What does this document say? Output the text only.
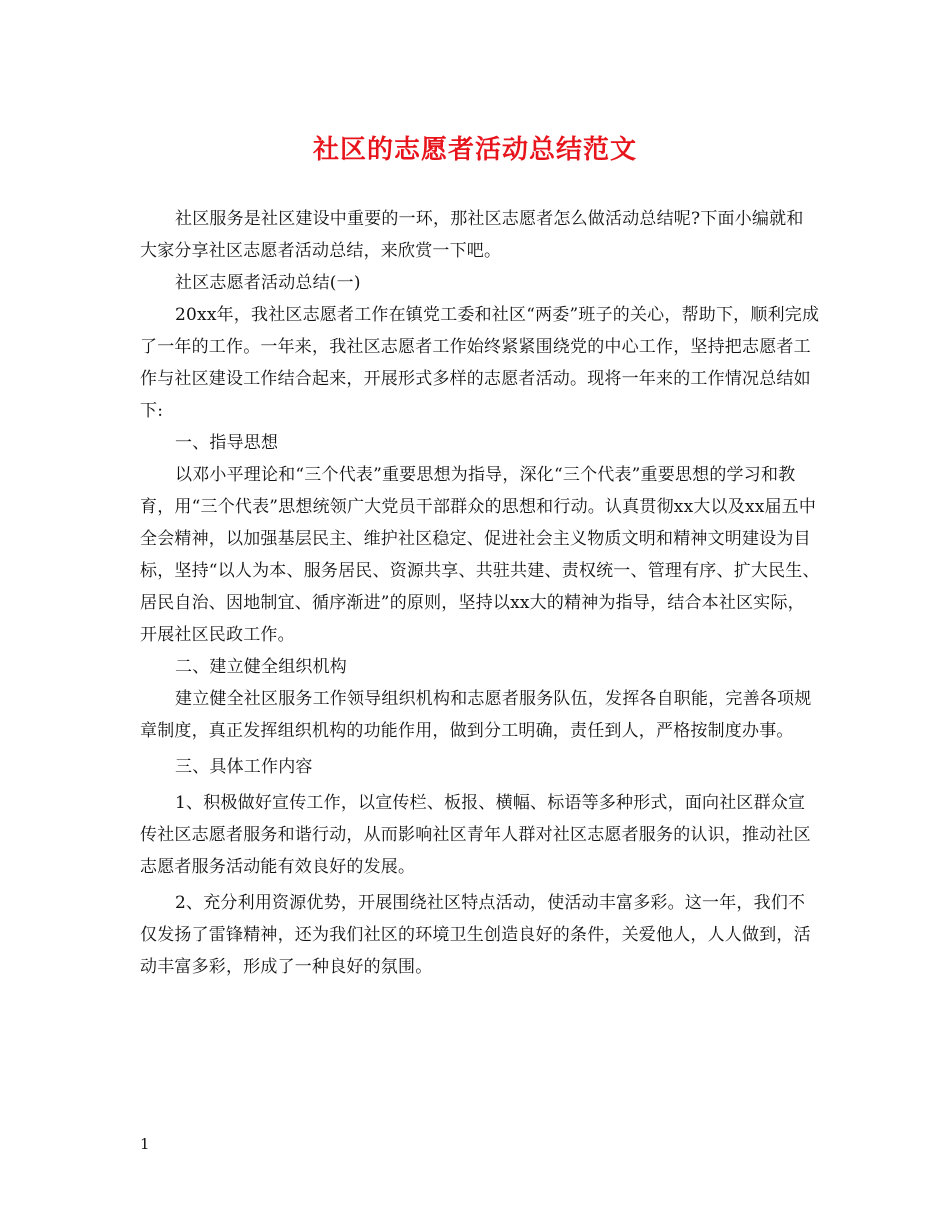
社区的志愿者活动总结范文

社区服务是社区建设中重要的一环，那社区志愿者怎么做活动总结呢?下面小编就和大家分享社区志愿者活动总结，来欣赏一下吧。

社区志愿者活动总结(一)

20xx年，我社区志愿者工作在镇党工委和社区“两委”班子的关心，帮助下，顺利完成了一年的工作。一年来，我社区志愿者工作始终紧紧围绕党的中心工作，坚持把志愿者工作与社区建设工作结合起来，开展形式多样的志愿者活动。现将一年来的工作情况总结如下:

一、指导思想

以邓小平理论和“三个代表”重要思想为指导，深化“三个代表”重要思想的学习和教育，用“三个代表”思想统领广大党员干部群众的思想和行动。认真贯彻xx大以及xx届五中全会精神，以加强基层民主、维护社区稳定、促进社会主义物质文明和精神文明建设为目标，坚持“以人为本、服务居民、资源共享、共驻共建、责权统一、管理有序、扩大民生、居民自治、因地制宜、循序渐进”的原则，坚持以xx大的精神为指导，结合本社区实际，开展社区民政工作。

二、建立健全组织机构

建立健全社区服务工作领导组织机构和志愿者服务队伍，发挥各自职能，完善各项规章制度，真正发挥组织机构的功能作用，做到分工明确，责任到人，严格按制度办事。

三、具体工作内容

1、积极做好宣传工作，以宣传栏、板报、横幅、标语等多种形式，面向社区群众宣传社区志愿者服务和谐行动，从而影响社区青年人群对社区志愿者服务的认识，推动社区志愿者服务活动能有效良好的发展。

2、充分利用资源优势，开展围绕社区特点活动，使活动丰富多彩。这一年，我们不仅发扬了雷锋精神，还为我们社区的环境卫生创造良好的条件，关爱他人，人人做到，活动丰富多彩，形成了一种良好的氛围。

1
